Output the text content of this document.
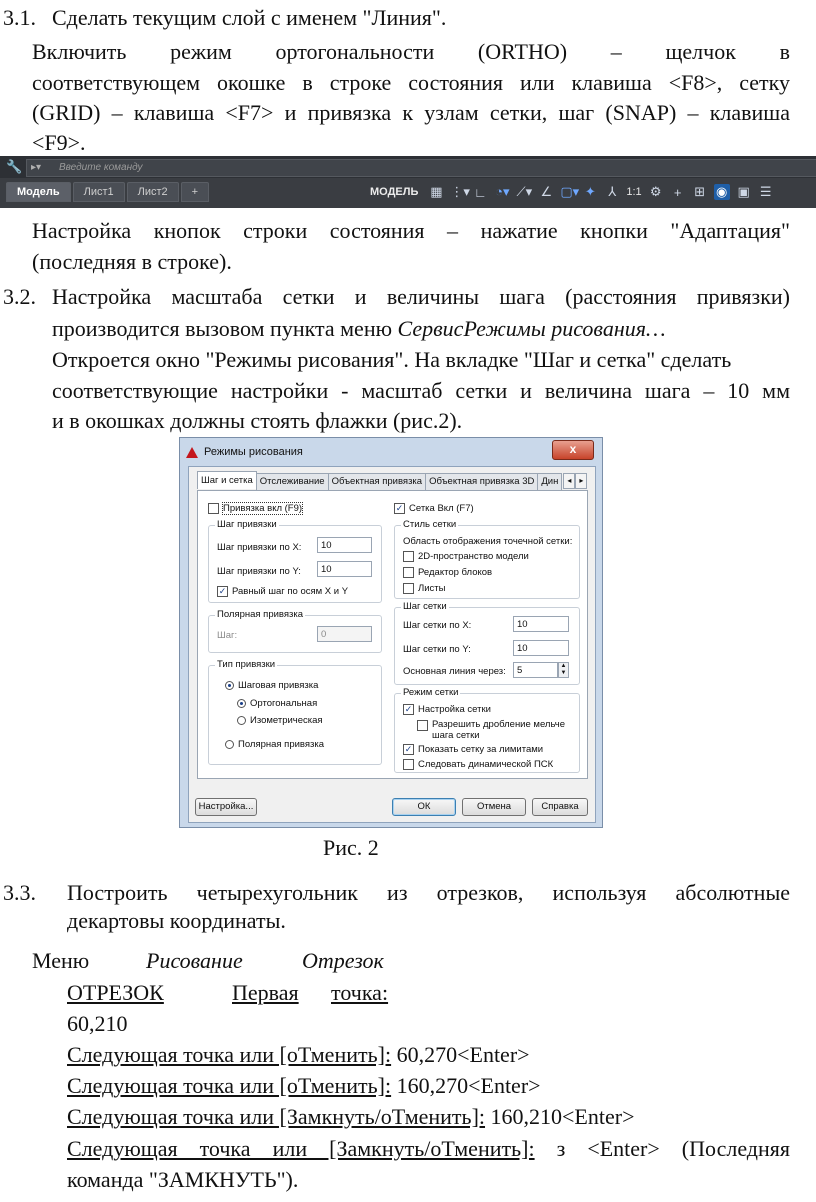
3.1. Сделать текущим слой с именем "Линия".
Включить режим ортогональности (ORTHO) – щелчок в
соответствующем окошке в строке состояния или клавиша <F8>, сетку
(GRID) – клавиша <F7> и привязка к узлам сетки, шаг (SNAP) – клавиша
<F9>.
🔧 ▸▾ Введите команду
Модель	Лист1	Лист2	+	МОДЕЛЬ ▦ ⋮▾ ∟ ◔▾ ⟋▾ ∠ ▢▾ ✦ ⅄ 1:1 ⚙ + ⊞ ◉ ▣ ☰
Настройка кнопок строки состояния – нажатие кнопки "Адаптация"
(последняя в строке).
3.2. Настройка масштаба сетки и величины шага (расстояния привязки)
производится вызовом пункта меню СервисРежимы рисования…
Откроется окно "Режимы рисования". На вкладке "Шаг и сетка" сделать
соответствующие настройки - масштаб сетки и величина шага – 10 мм
и в окошках должны стоять флажки (рис.2).
Режимы рисования	x
Шаг и сетка Отслеживание Объектная привязка Объектная привязка 3D Дин	◂ ▸
Привязка вкл (F9)
Шаг привязки
Шаг привязки по X:	10
Шаг привязки по Y:	10
✓ Равный шаг по осям X и Y
Полярная привязка
Шаг:	0
Тип привязки
Шаговая привязка
Ортогональная
Изометрическая
Полярная привязка
✓ Сетка Вкл (F7)
Стиль сетки
Область отображения точечной сетки:
2D-пространство модели
Редактор блоков
Листы
Шаг сетки
Шаг сетки по X:	10
Шаг сетки по Y:	10
Основная линия через:	5	▲
▼
Режим сетки
✓ Настройка сетки
Разрешить дробление мельче
шага сетки
✓ Показать сетку за лимитами
Следовать динамической ПСК
Настройка...	ОК	Отмена	Справка
Рис. 2
3.3. Построить четырехугольник из отрезков, используя абсолютные
декартовы координаты.
Меню	Рисование	Отрезок
ОТРЕЗОК	Первая точка:
60,210
Следующая точка или [оТменить]: 60,270<Enter>
Следующая точка или [оТменить]: 160,270<Enter>
Следующая точка или [Замкнуть/оТменить]: 160,210<Enter>
Следующая точка или [Замкнуть/оТменить]: з <Enter> (Последняя
команда "ЗАМКНУТЬ").
